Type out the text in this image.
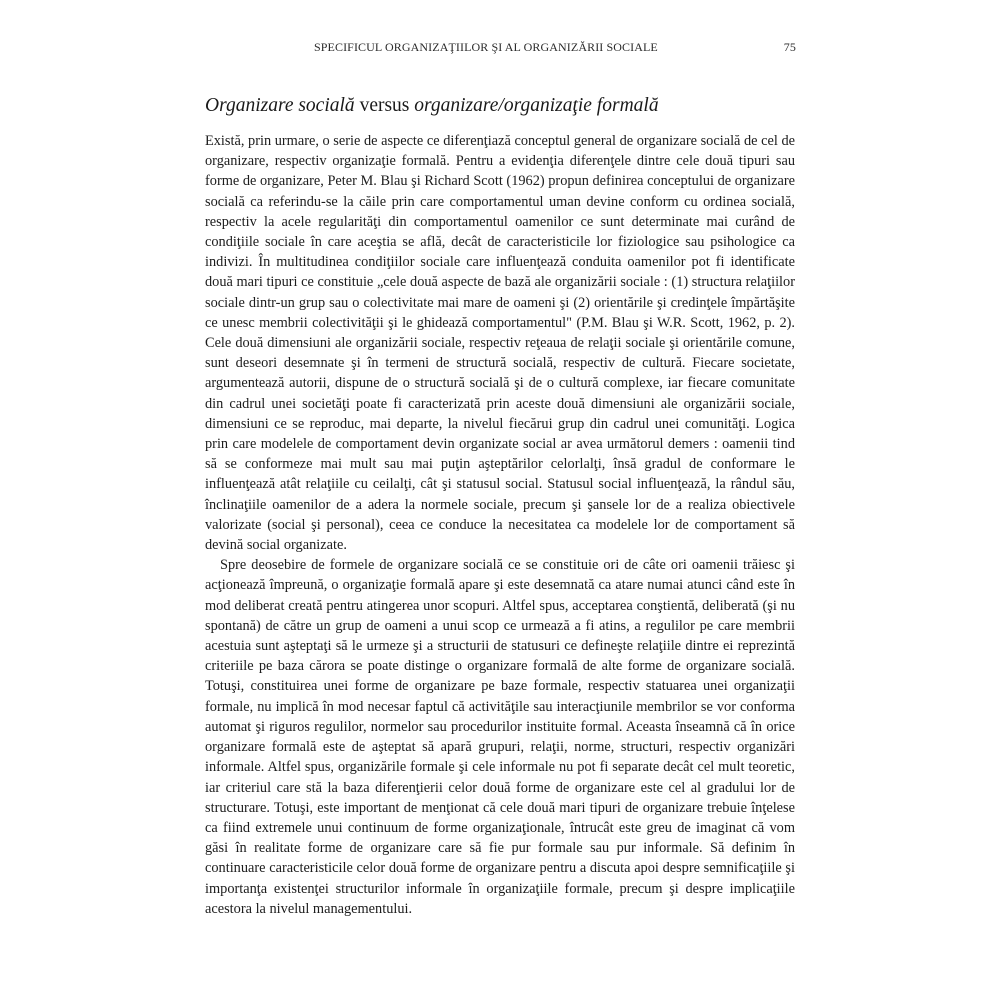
SPECIFICUL ORGANIZAŢIILOR ŞI AL ORGANIZĂRII SOCIALE	75
Organizare socială versus organizare/organizaţie formală

Există, prin urmare, o serie de aspecte ce diferenţiază conceptul general de organizare socială de cel de organizare, respectiv organizaţie formală. Pentru a evidenţia diferenţele dintre cele două tipuri sau forme de organizare, Peter M. Blau şi Richard Scott (1962) propun definirea conceptului de organizare socială ca referindu-se la căile prin care comportamentul uman devine conform cu ordinea socială, respectiv la acele regularităţi din comportamentul oamenilor ce sunt determinate mai curând de condiţiile sociale în care aceştia se află, decât de caracteristicile lor fiziologice sau psihologice ca indivizi. În multitudinea condiţiilor sociale care influenţează conduita oamenilor pot fi identificate două mari tipuri ce constituie „cele două aspecte de bază ale organizării sociale : (1) structura relaţiilor sociale dintr-un grup sau o colectivitate mai mare de oameni şi (2) orientările şi credinţele împărtăşite ce unesc membrii colectivităţii şi le ghidează comportamentul" (P.M. Blau şi W.R. Scott, 1962, p. 2). Cele două dimensiuni ale organizării sociale, respectiv reţeaua de relaţii sociale şi orientările comune, sunt deseori desemnate şi în termeni de structură socială, respectiv de cultură. Fiecare societate, argumentează autorii, dispune de o structură socială şi de o cultură complexe, iar fiecare comunitate din cadrul unei societăţi poate fi caracterizată prin aceste două dimensiuni ale organizării sociale, dimensiuni ce se reproduc, mai departe, la nivelul fiecărui grup din cadrul unei comunităţi. Logica prin care modelele de comportament devin organizate social ar avea următorul demers : oamenii tind să se conformeze mai mult sau mai puţin aşteptărilor celorlalţi, însă gradul de conformare le influenţează atât relaţiile cu ceilalţi, cât şi statusul social. Statusul social influenţează, la rândul său, înclinaţiile oamenilor de a adera la normele sociale, precum şi şansele lor de a realiza obiectivele valorizate (social şi personal), ceea ce conduce la necesitatea ca modelele lor de comportament să devină social organizate.

Spre deosebire de formele de organizare socială ce se constituie ori de câte ori oamenii trăiesc şi acţionează împreună, o organizaţie formală apare şi este desemnată ca atare numai atunci când este în mod deliberat creată pentru atingerea unor scopuri. Altfel spus, acceptarea conştientă, deliberată (şi nu spontană) de către un grup de oameni a unui scop ce urmează a fi atins, a regulilor pe care membrii acestuia sunt aşteptaţi să le urmeze şi a structurii de statusuri ce defineşte relaţiile dintre ei reprezintă criteriile pe baza cărora se poate distinge o organizare formală de alte forme de organizare socială. Totuşi, constituirea unei forme de organizare pe baze formale, respectiv statuarea unei organizaţii formale, nu implică în mod necesar faptul că activităţile sau interacţiunile membrilor se vor conforma automat şi riguros regulilor, normelor sau procedurilor instituite formal. Aceasta înseamnă că în orice organizare formală este de aşteptat să apară grupuri, relaţii, norme, structuri, respectiv organizări informale. Altfel spus, organizările formale şi cele informale nu pot fi separate decât cel mult teoretic, iar criteriul care stă la baza diferenţierii celor două forme de organizare este cel al gradului lor de structurare. Totuşi, este important de menţionat că cele două mari tipuri de organizare trebuie înţelese ca fiind extremele unui continuum de forme organizaţionale, întrucât este greu de imaginat că vom găsi în realitate forme de organizare care să fie pur formale sau pur informale. Să definim în continuare caracteristicile celor două forme de organizare pentru a discuta apoi despre semnificaţiile şi importanţa existenţei structurilor informale în organizaţiile formale, precum şi despre implicaţiile acestora la nivelul managementului.
